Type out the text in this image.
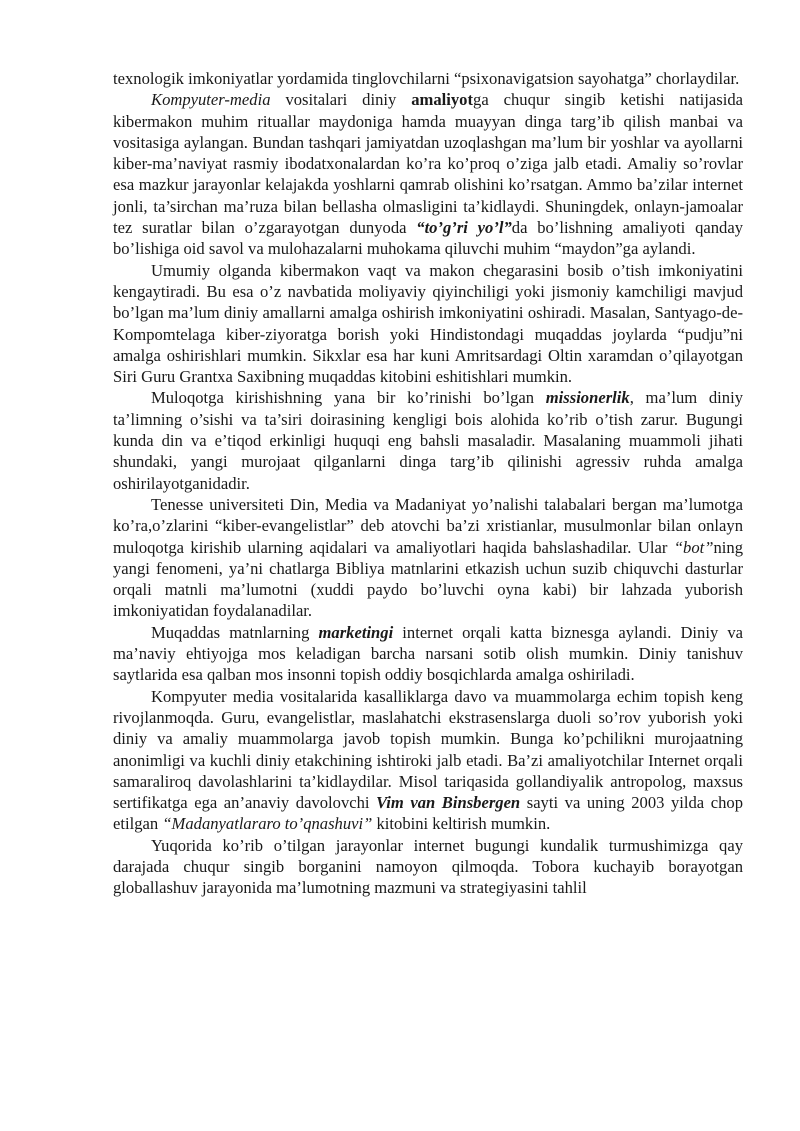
texnologik imkoniyatlar yordamida tinglovchilarni “psixonavigatsion sayohatga” chorlaydilar.

Kompyuter-media vositalari diniy amaliyotga chuqur singib ketishi natijasida kibermakon muhim rituallar maydoniga hamda muayyan dinga targ’ib qilish manbai va vositasiga aylangan. Bundan tashqari jamiyatdan uzoqlashgan ma’lum bir yoshlar va ayollarni kiber-ma’naviyat rasmiy ibodatxonalardan ko’ra ko’proq o’ziga jalb etadi. Amaliy so’rovlar esa mazkur jarayonlar kelajakda yoshlarni qamrab olishini ko’rsatgan. Ammo ba’zilar internet jonli, ta’sirchan ma’ruza bilan bellasha olmasligini ta’kidlaydi. Shuningdek, onlayn-jamoalar tez suratlar bilan o’zgarayotgan dunyoda “to’g’ri yo’l”da bo’lishning amaliyoti qanday bo’lishiga oid savol va mulohazalarni muhokama qiluvchi muhim “maydon”ga aylandi.

Umumiy olganda kibermakon vaqt va makon chegarasini bosib o’tish imkoniyatini kengaytiradi. Bu esa o’z navbatida moliyaviy qiyinchiligi yoki jismoniy kamchiligi mavjud bo’lgan ma’lum diniy amallarni amalga oshirish imkoniyatini oshiradi. Masalan, Santyago-de-Kompomtelaga kiber-ziyoratga borish yoki Hindistondagi muqaddas joylarda “pudju”ni amalga oshirishlari mumkin. Sikxlar esa har kuni Amritsardagi Oltin xaramdan o’qilayotgan Siri Guru Grantxa Saxibning muqaddas kitobini eshitishlari mumkin.

Muloqotga kirishishning yana bir ko’rinishi bo’lgan missionerlik, ma’lum diniy ta’limning o’sishi va ta’siri doirasining kengligi bois alohida ko’rib o’tish zarur. Bugungi kunda din va e’tiqod erkinligi huquqi eng bahsli masaladir. Masalaning muammoli jihati shundaki, yangi murojaat qilganlarni dinga targ’ib qilinishi agressiv ruhda amalga oshirilayotganidadir.

Tenesse universiteti Din, Media va Madaniyat yo’nalishi talabalari bergan ma’lumotga ko’ra,o’zlarini “kiber-evangelistlar” deb atovchi ba’zi xristianlar, musulmonlar bilan onlayn muloqotga kirishib ularning aqidalari va amaliyotlari haqida bahslashadilar. Ular “bot”ning yangi fenomeni, ya’ni chatlarga Bibliya matnlarini etkazish uchun suzib chiquvchi dasturlar orqali matnli ma’lumotni (xuddi paydo bo’luvchi oyna kabi) bir lahzada yuborish imkoniyatidan foydalanadilar.

Muqaddas matnlarning marketingi internet orqali katta biznesga aylandi. Diniy va ma’naviy ehtiyojga mos keladigan barcha narsani sotib olish mumkin. Diniy tanishuv saytlarida esa qalban mos insonni topish oddiy bosqichlarda amalga oshiriladi.

Kompyuter media vositalarida kasalliklarga davo va muammolarga echim topish keng rivojlanmoqda. Guru, evangelistlar, maslahatchi ekstrasenslarga duoli so’rov yuborish yoki diniy va amaliy muammolarga javob topish mumkin. Bunga ko’pchilikni murojaatning anonimligi va kuchli diniy etakchining ishtiroki jalb etadi. Ba’zi amaliyotchilar Internet orqali samaraliroq davolashlarini ta’kidlaydilar. Misol tariqasida gollandiyalik antropolog, maxsus sertifikatga ega an’anaviy davolovchi Vim van Binsbergen sayti va uning 2003 yilda chop etilgan “Madanyatlararo to’qnashuvi” kitobini keltirish mumkin.

Yuqorida ko’rib o’tilgan jarayonlar internet bugungi kundalik turmushimizga qay darajada chuqur singib borganini namoyon qilmoqda. Tobora kuchayib borayotgan globallashuv jarayonida ma’lumotning mazmuni va strategiyasini tahlil
